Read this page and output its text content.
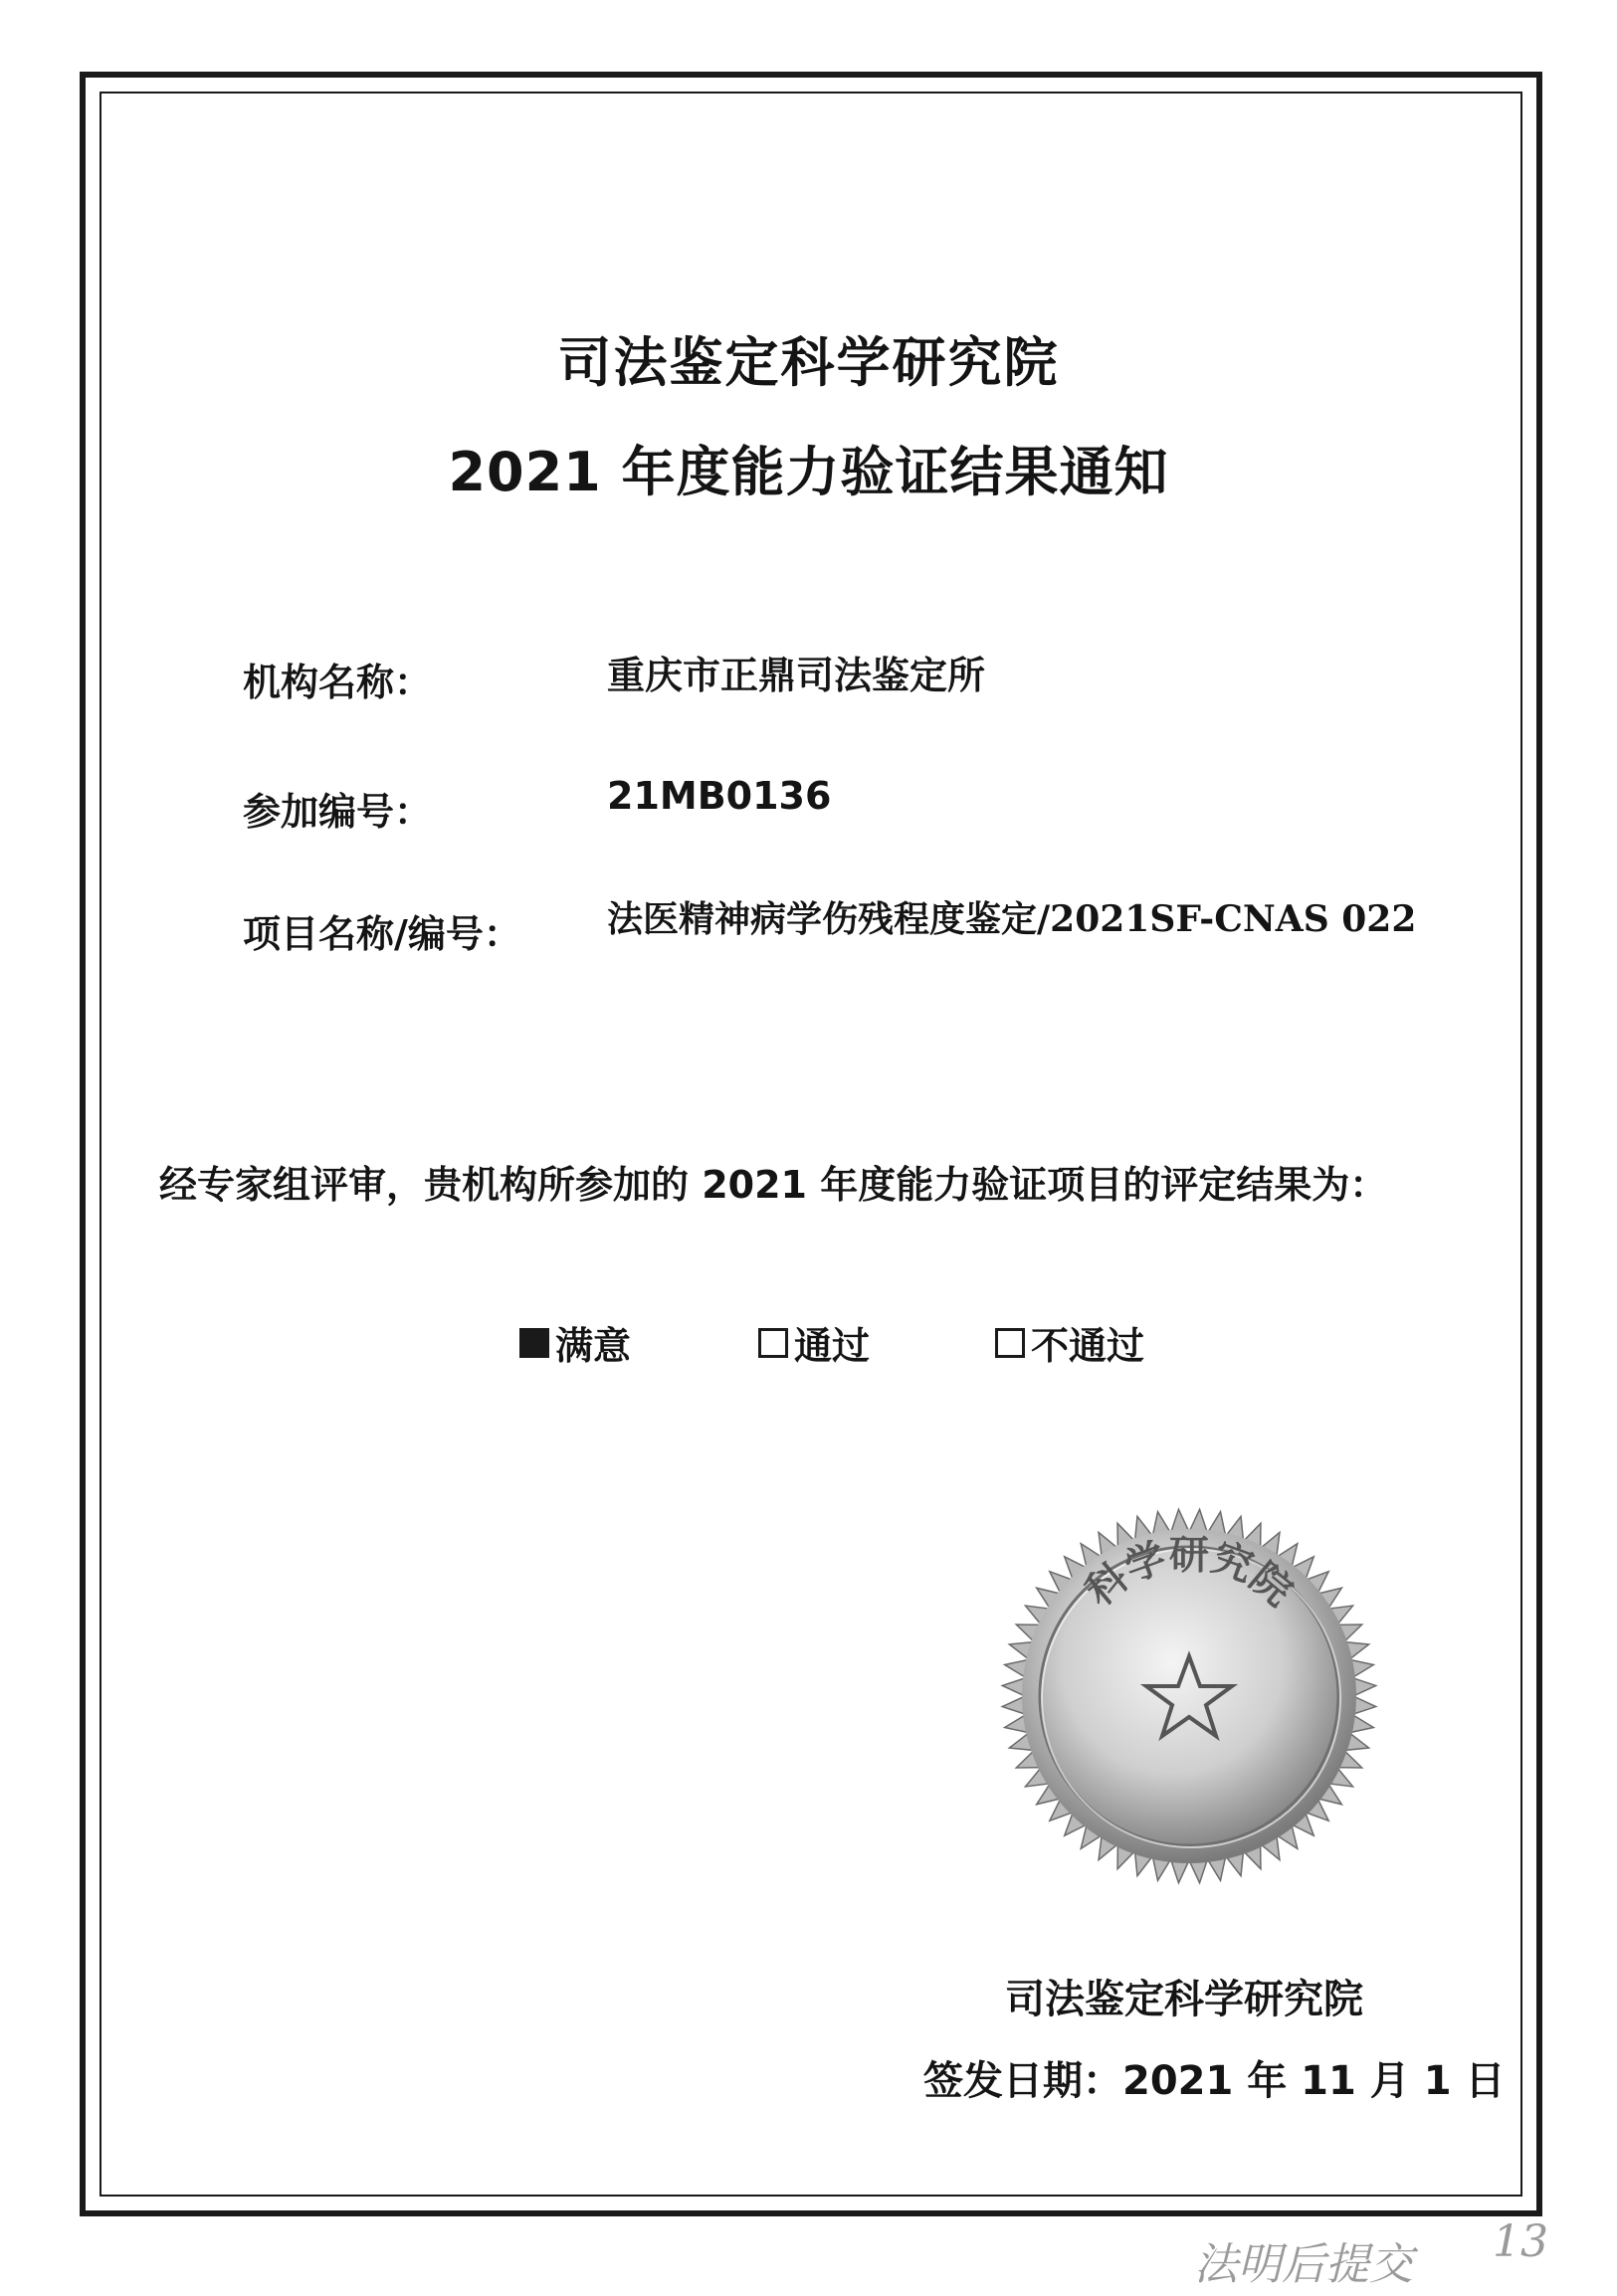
司法鉴定科学研究院
2021 年度能力验证结果通知
机构名称：	重庆市正鼎司法鉴定所
参加编号：	21MB0136
项目名称/编号： 法医精神病学伤残程度鉴定/2021SF-CNAS 022
经专家组评审，贵机构所参加的 2021 年度能力验证项目的评定结果为：
满意	通过	不通过
科学研究院
司法鉴定科学研究院
签发日期：2021 年 11 月 1 日
法明后提交 13
